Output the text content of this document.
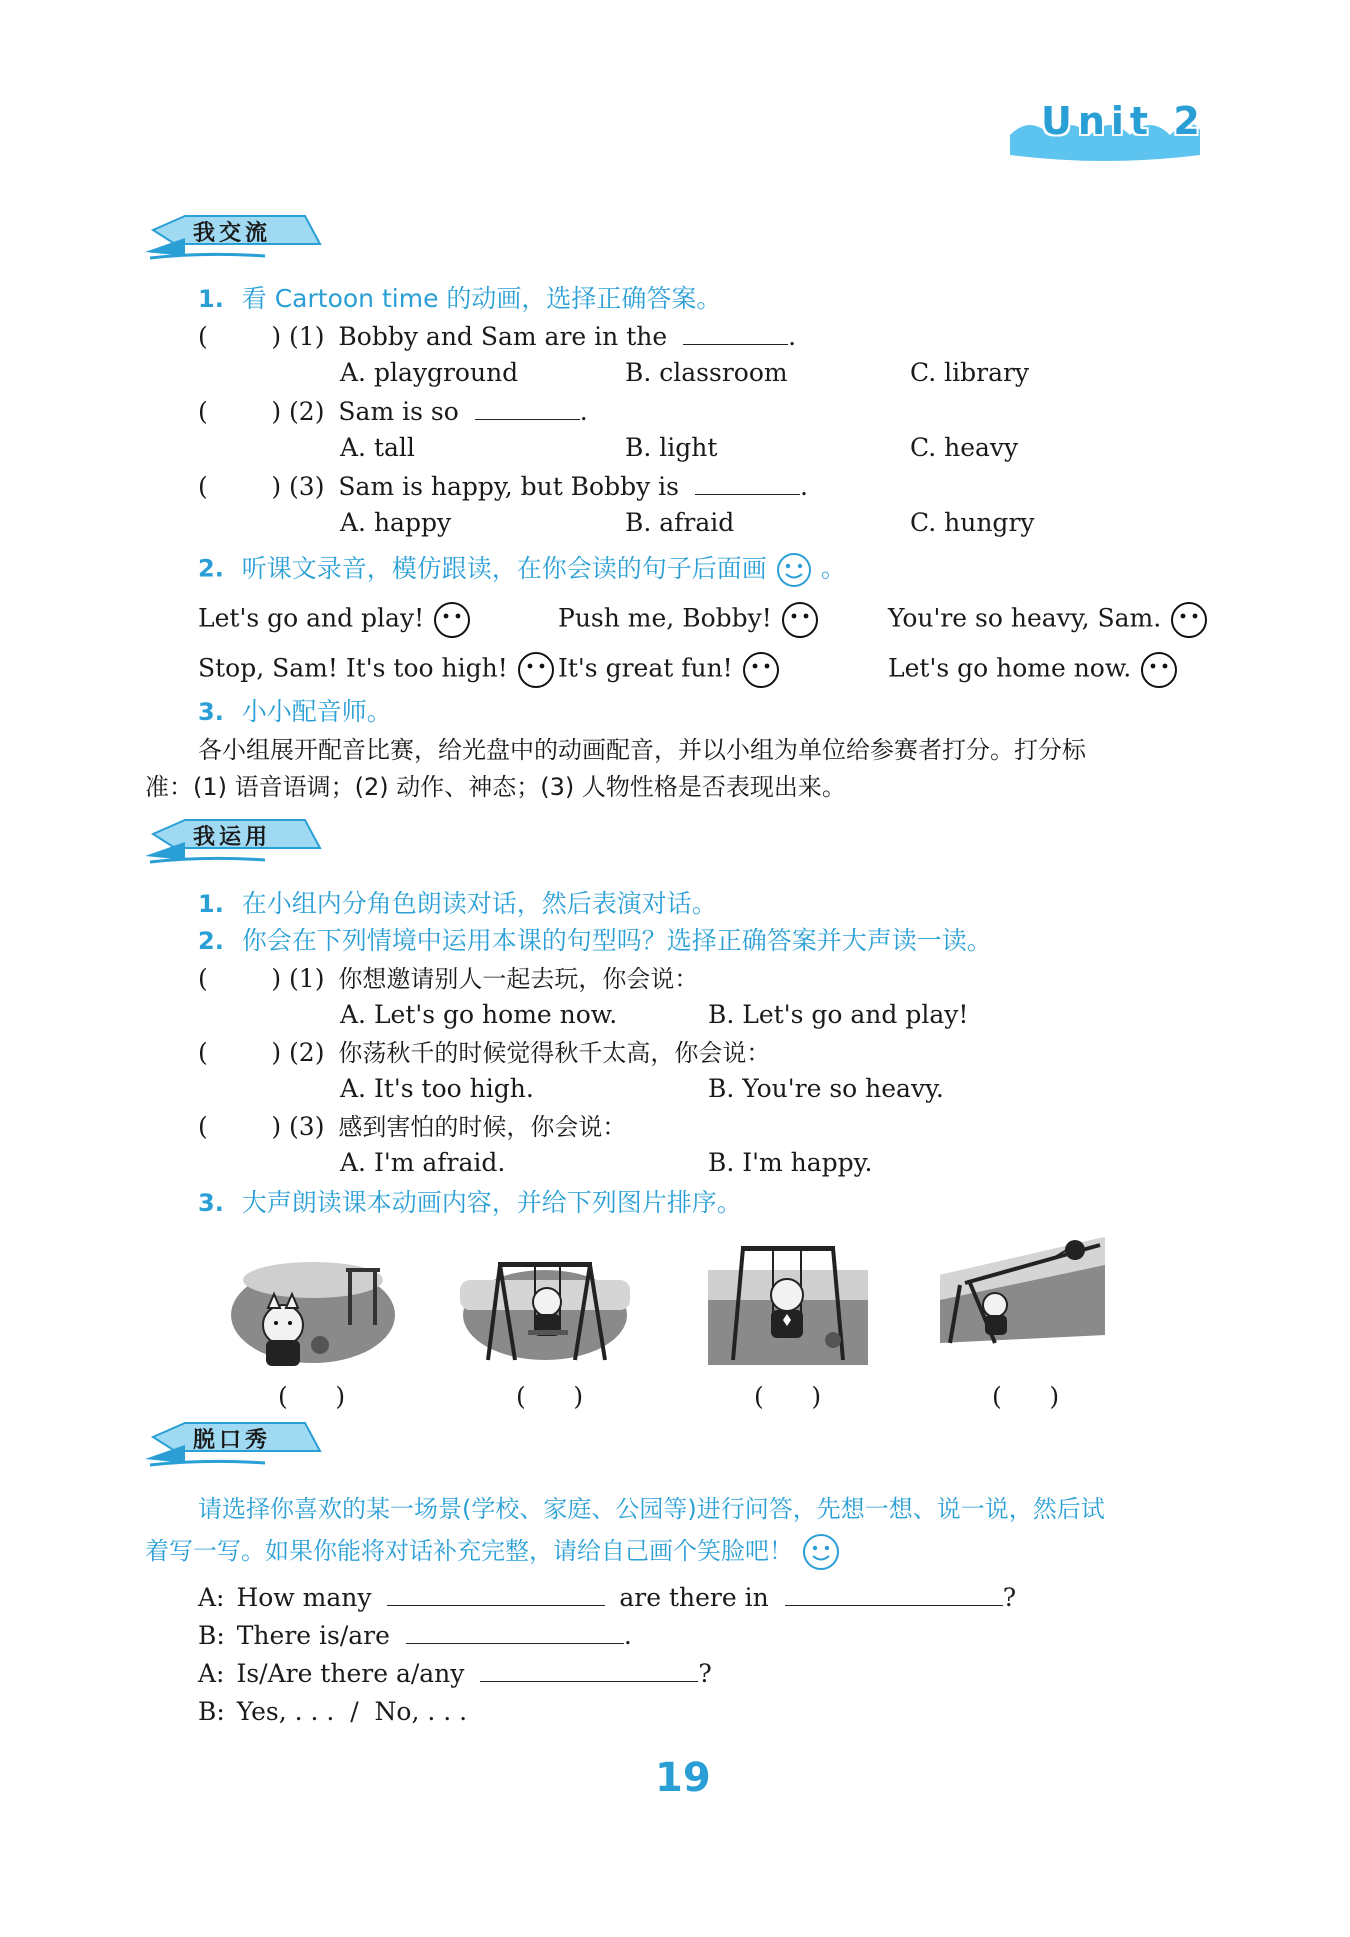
Unit 2
我交流
1. 看 Cartoon time 的动画，选择正确答案。
(        ) (1) Bobby and Sam are in the	.
A. playground	B. classroom	C. library
(        ) (2) Sam is so	.
A. tall	B. light	C. heavy
(        ) (3) Sam is happy, but Bobby is	.
A. happy	B. afraid	C. hungry
2. 听课文录音，模仿跟读，在你会读的句子后面画 。
Let's go and play!	Push me, Bobby!	You're so heavy, Sam.
Stop, Sam! It's too high!	It's great fun!	Let's go home now.
3. 小小配音师。
各小组展开配音比赛，给光盘中的动画配音，并以小组为单位给参赛者打分。打分标
准：(1) 语音语调；(2) 动作、神态；(3) 人物性格是否表现出来。
我运用
1. 在小组内分角色朗读对话，然后表演对话。
2. 你会在下列情境中运用本课的句型吗？选择正确答案并大声读一读。
(        ) (1) 你想邀请别人一起去玩，你会说：
A. Let's go home now.	B. Let's go and play!
(        ) (2) 你荡秋千的时候觉得秋千太高，你会说：
A. It's too high.	B. You're so heavy.
(        ) (3) 感到害怕的时候，你会说：
A. I'm afraid.	B. I'm happy.
3. 大声朗读课本动画内容，并给下列图片排序。
(      )	(      )	(      )	(      )
脱口秀
请选择你喜欢的某一场景(学校、家庭、公园等)进行问答，先想一想、说一说，然后试
着写一写。如果你能将对话补充完整，请给自己画个笑脸吧！
A: How many	are there in	?
B: There is/are	.
A: Is/Are there a/any	?
B: Yes, . . .  /  No, . . .
19
